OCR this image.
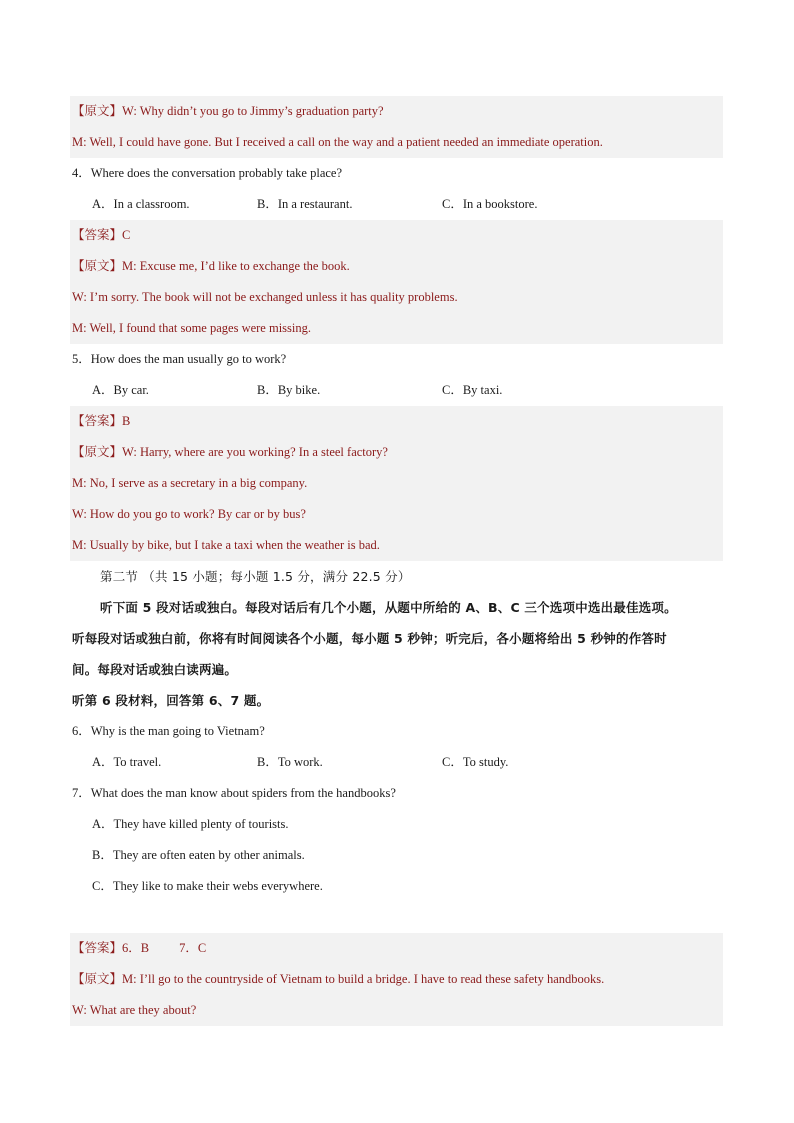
【原文】W: Why didn’t you go to Jimmy’s graduation party?
M: Well, I could have gone. But I received a call on the way and a patient needed an immediate operation.
4．Where does the conversation probably take place?
A．In a classroom.	B．In a restaurant.	C．In a bookstore.
【答案】C
【原文】M: Excuse me, I’d like to exchange the book.
W: I’m sorry. The book will not be exchanged unless it has quality problems.
M: Well, I found that some pages were missing.
5．How does the man usually go to work?
A．By car.	B．By bike.	C．By taxi.
【答案】B
【原文】W: Harry, where are you working? In a steel factory?
M: No, I serve as a secretary in a big company.
W: How do you go to work? By car or by bus?
M: Usually by bike, but I take a taxi when the weather is bad.
第二节 （共 15 小题；每小题 1.5 分，满分 22.5 分）
听下面 5 段对话或独白。每段对话后有几个小题，从题中所给的 A、B、C 三个选项中选出最佳选项。
听每段对话或独白前，你将有时间阅读各个小题，每小题 5 秒钟；听完后，各小题将给出 5 秒钟的作答时
间。每段对话或独白读两遍。
听第 6 段材料，回答第 6、7 题。
6．Why is the man going to Vietnam?
A．To travel.	B．To work.	C．To study.
7．What does the man know about spiders from the handbooks?
A．They have killed plenty of tourists.
B．They are often eaten by other animals.
C．They like to make their webs everywhere.
【答案】6．B 7．C
【原文】M: I’ll go to the countryside of Vietnam to build a bridge. I have to read these safety handbooks.
W: What are they about?
